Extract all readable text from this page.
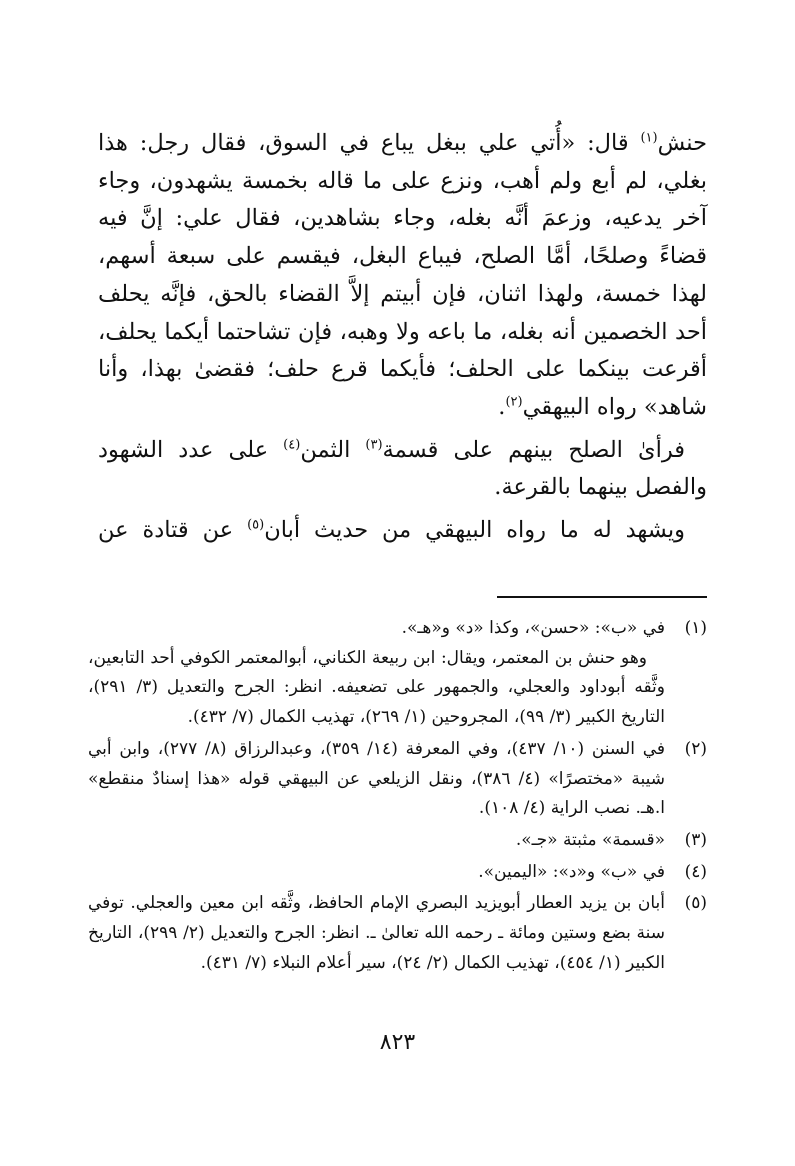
حنش$^{(١)}$ قال: «أُتي علي ببغل يباع في السوق، فقال رجل: هذا بغلي، لم أبع ولم أهب، ونزع على ما قاله بخمسة يشهدون، وجاء آخر يدعيه، وزعمَ أنَّه بغله، وجاء بشاهدين، فقال علي: إنَّ فيه قضاءً وصلحًا، أمَّا الصلح، فيباع البغل، فيقسم على سبعة أسهم، لهذا خمسة، ولهذا اثنان، فإن أبيتم إلاَّ القضاء بالحق، فإنَّه يحلف أحد الخصمين أنه بغله، ما باعه ولا وهبه، فإن تشاحتما أيكما يحلف، أقرعت بينكما على الحلف؛ فأيكما قرع حلف؛ فقضىٰ بهذا، وأنا شاهد» رواه البيهقي$^{(٢)}$.

فرأىٰ الصلح بينهم على قسمة$^{(٣)}$ الثمن$^{(٤)}$ على عدد الشهود والفصل بينهما بالقرعة.

ويشهد له ما رواه البيهقي من حديث أبان$^{(٥)}$ عن قتادة عن

(١)
في «ب»: «حسن»، وكذا «د» و«هـ».
وهو حنش بن المعتمر، ويقال: ابن ربيعة الكناني، أبوالمعتمر الكوفي أحد التابعين، وثَّقه أبوداود والعجلي، والجمهور على تضعيفه. انظر: الجرح والتعديل (٣/ ٢٩١)، التاريخ الكبير (٣/ ٩٩)، المجروحين (١/ ٢٦٩)، تهذيب الكمال (٧/ ٤٣٢).
(٢)
في السنن (١٠/ ٤٣٧)، وفي المعرفة (١٤/ ٣٥٩)، وعبدالرزاق (٨/ ٢٧٧)، وابن أبي شيبة «مختصرًا» (٤/ ٣٨٦)، ونقل الزيلعي عن البيهقي قوله «هذا إسنادٌ منقطع» ا.هـ. نصب الراية (٤/ ١٠٨).
(٣)
«قسمة» مثبتة «جـ».
(٤)
في «ب» و«د»: «اليمين».
(٥)
أبان بن يزيد العطار أبويزيد البصري الإمام الحافظ، وثَّقه ابن معين والعجلي. توفي سنة بضع وستين ومائة ـ رحمه الله تعالىٰ ـ. انظر: الجرح والتعديل (٢/ ٢٩٩)، التاريخ الكبير (١/ ٤٥٤)، تهذيب الكمال (٢/ ٢٤)، سير أعلام النبلاء (٧/ ٤٣١).
٨٢٣
